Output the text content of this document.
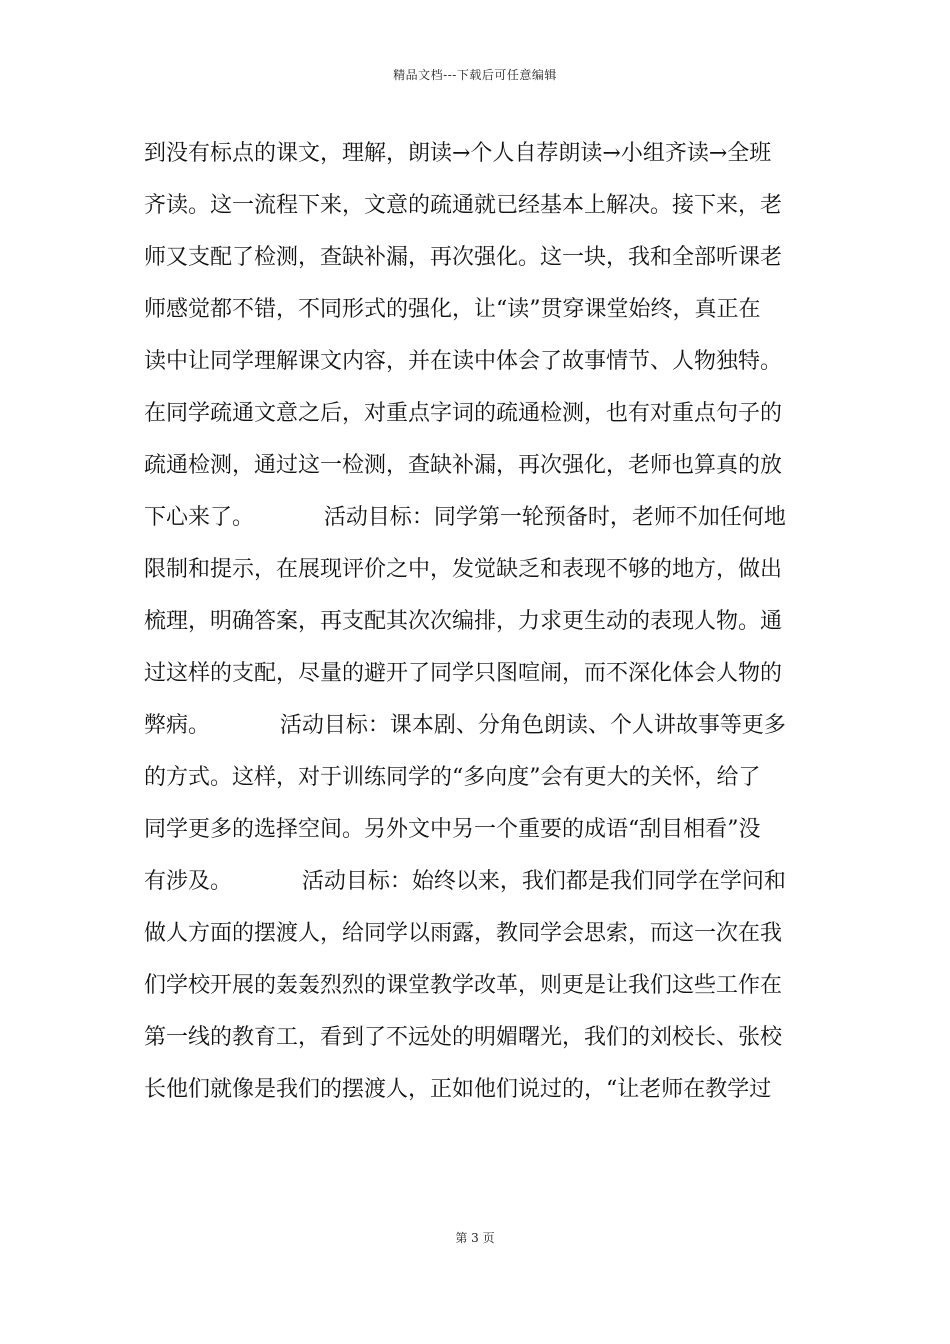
精品文档---下载后可任意编辑
到没有标点的课文，理解，朗读→个人自荐朗读→小组齐读→全班
齐读。这一流程下来，文意的疏通就已经基本上解决。接下来，老
师又支配了检测，查缺补漏，再次强化。这一块，我和全部听课老
师感觉都不错，不同形式的强化，让“读”贯穿课堂始终，真正在
读中让同学理解课文内容，并在读中体会了故事情节、人物独特。
在同学疏通文意之后，对重点字词的疏通检测，也有对重点句子的
疏通检测，通过这一检测，查缺补漏，再次强化，老师也算真的放
下心来了。          活动目标：同学第一轮预备时，老师不加任何地
限制和提示，在展现评价之中，发觉缺乏和表现不够的地方，做出
梳理，明确答案，再支配其次次编排，力求更生动的表现人物。通
过这样的支配，尽量的避开了同学只图喧闹，而不深化体会人物的
弊病。          活动目标：课本剧、分角色朗读、个人讲故事等更多
的方式。这样，对于训练同学的“多向度”会有更大的关怀，给了
同学更多的选择空间。另外文中另一个重要的成语“刮目相看”没
有涉及。          活动目标：始终以来，我们都是我们同学在学问和
做人方面的摆渡人，给同学以雨露，教同学会思索，而这一次在我
们学校开展的轰轰烈烈的课堂教学改革，则更是让我们这些工作在
第一线的教育工，看到了不远处的明媚曙光，我们的刘校长、张校
长他们就像是我们的摆渡人，正如他们说过的，“让老师在教学过
第 3 页
